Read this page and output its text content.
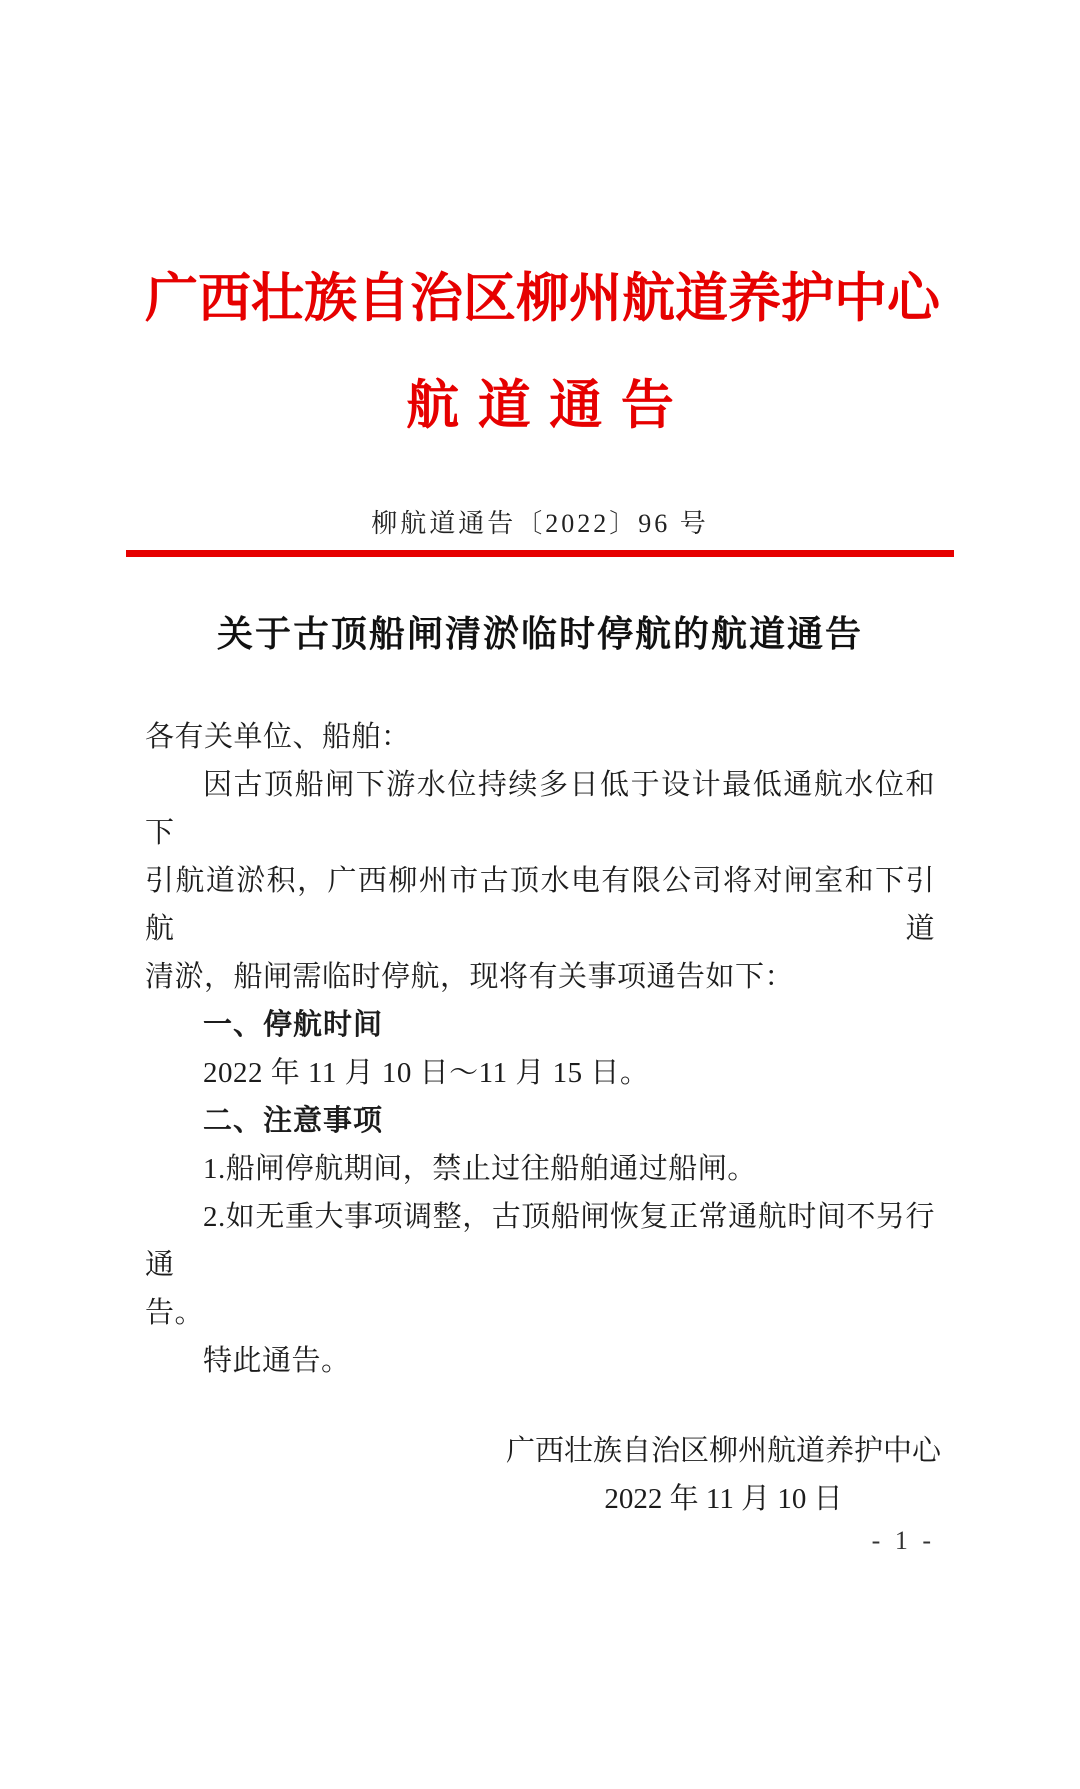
广西壮族自治区柳州航道养护中心
航道通告
柳航道通告〔2022〕96 号
关于古顶船闸清淤临时停航的航道通告
各有关单位、船舶：
因古顶船闸下游水位持续多日低于设计最低通航水位和下
引航道淤积，广西柳州市古顶水电有限公司将对闸室和下引航道
清淤，船闸需临时停航，现将有关事项通告如下：
一、停航时间
2022 年 11 月 10 日～11 月 15 日。
二、注意事项
1.船闸停航期间，禁止过往船舶通过船闸。
2.如无重大事项调整，古顶船闸恢复正常通航时间不另行通
告。
特此通告。
广西壮族自治区柳州航道养护中心
2022 年 11 月 10 日
- 1 -
